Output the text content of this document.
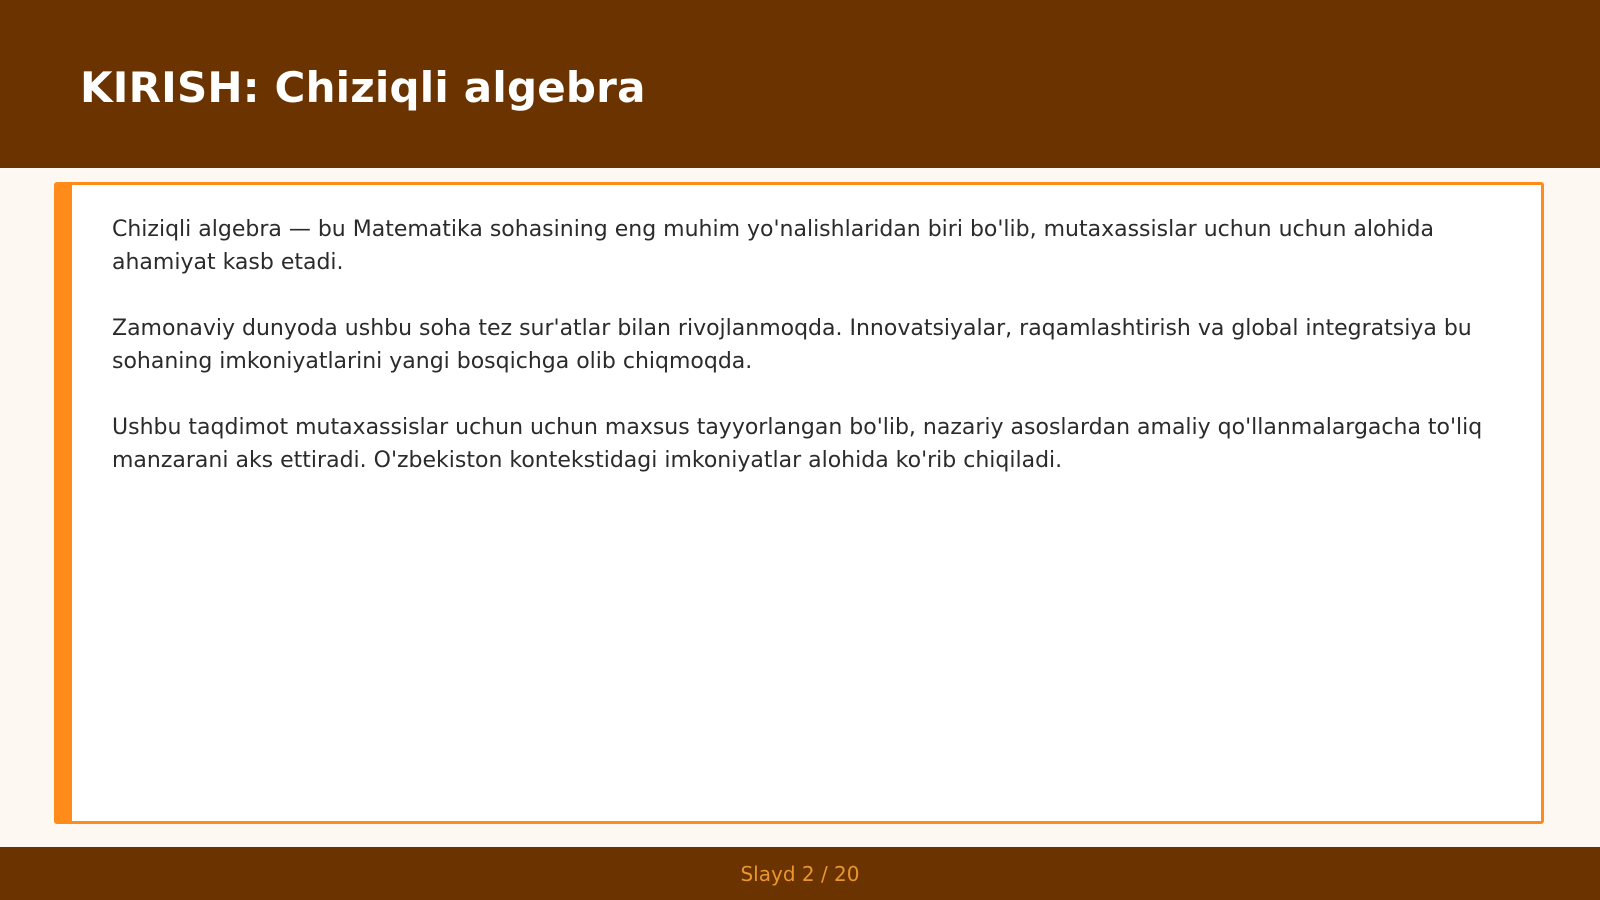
KIRISH: Chiziqli algebra

Chiziqli algebra — bu Matematika sohasining eng muhim yo'nalishlaridan biri bo'lib, mutaxassislar uchun uchun alohida ahamiyat kasb etadi.

Zamonaviy dunyoda ushbu soha tez sur'atlar bilan rivojlanmoqda. Innovatsiyalar, raqamlashtirish va global integratsiya bu sohaning imkoniyatlarini yangi bosqichga olib chiqmoqda.

Ushbu taqdimot mutaxassislar uchun uchun maxsus tayyorlangan bo'lib, nazariy asoslardan amaliy qo'llanmalargacha to'liq manzarani aks ettiradi. O'zbekiston kontekstidagi imkoniyatlar alohida ko'rib chiqiladi.

Slayd 2 / 20
